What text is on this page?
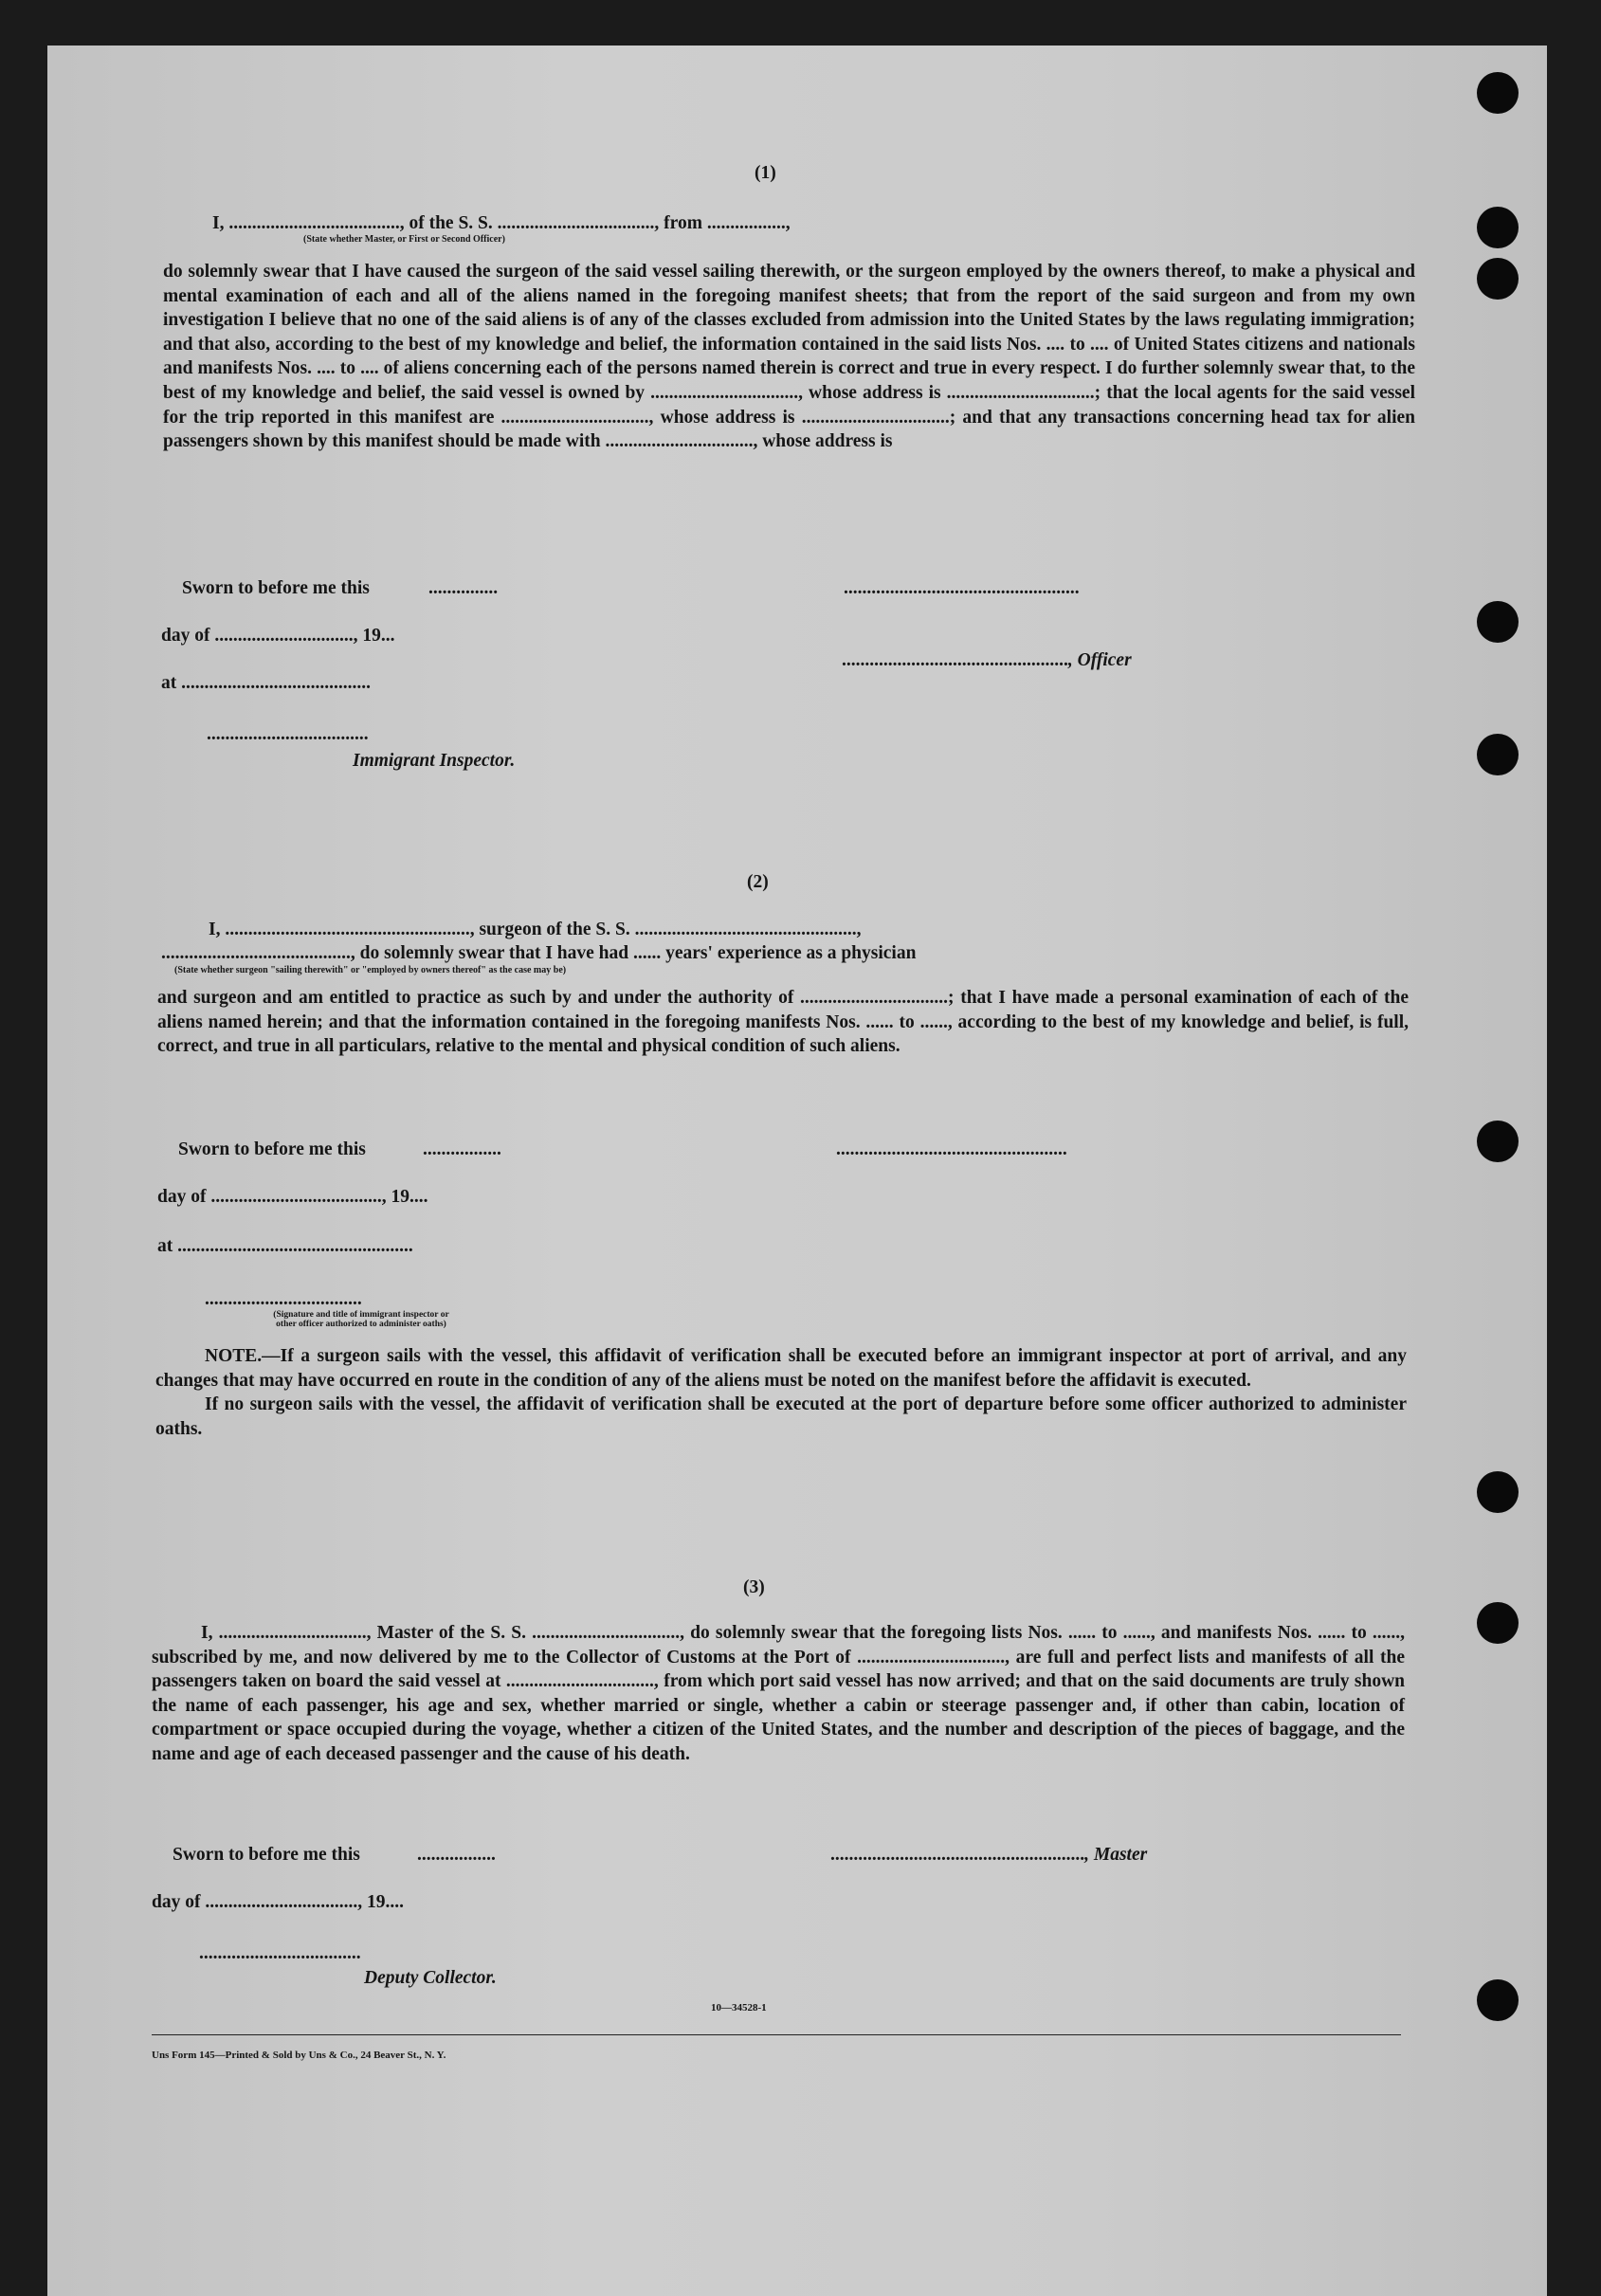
(1)
I, ....................................., of the S. S. .................................., from .................,
(State whether Master, or First or Second Officer)

do solemnly swear that I have caused the surgeon of the said vessel sailing therewith, or the surgeon employed by the owners thereof, to make a physical and mental examination of each and all of the aliens named in the foregoing manifest sheets; that from the report of the said surgeon and from my own investigation I believe that no one of the said aliens is of any of the classes excluded from admission into the United States by the laws regulating immigration; and that also, according to the best of my knowledge and belief, the information contained in the said lists Nos. .... to .... of United States citizens and nationals and manifests Nos. .... to .... of aliens concerning each of the persons named therein is correct and true in every respect. I do further solemnly swear that, to the best of my knowledge and belief, the said vessel is owned by ................................, whose address is ................................; that the local agents for the said vessel for the trip reported in this manifest are ................................, whose address is ................................; and that any transactions concerning head tax for alien passengers shown by this manifest should be made with ................................, whose address is

Sworn to before me this	...............	...................................................
day of .............................., 19...
................................................., Officer
at .........................................
...................................
Immigrant Inspector.
(2)
I, ....................................................., surgeon of the S. S. ................................................,
........................................., do solemnly swear that I have had ...... years' experience as a physician
(State whether surgeon "sailing therewith" or "employed by owners thereof" as the case may be)

and surgeon and am entitled to practice as such by and under the authority of ................................; that I have made a personal examination of each of the aliens named herein; and that the information contained in the foregoing manifests Nos. ...... to ......, according to the best of my knowledge and belief, is full, correct, and true in all particulars, relative to the mental and physical condition of such aliens.

Sworn to before me this	.................	..................................................
day of ....................................., 19....
at ...................................................
..................................
(Signature and title of immigrant inspector or
other officer authorized to administer oaths)

NOTE.—If a surgeon sails with the vessel, this affidavit of verification shall be executed before an immigrant inspector at port of arrival, and any changes that may have occurred en route in the condition of any of the aliens must be noted on the manifest before the affidavit is executed.

If no surgeon sails with the vessel, the affidavit of verification shall be executed at the port of departure before some officer authorized to administer oaths.

(3)

I, ................................, Master of the S. S. ................................, do solemnly swear that the foregoing lists Nos. ...... to ......, and manifests Nos. ...... to ......, subscribed by me, and now delivered by me to the Collector of Customs at the Port of ................................, are full and perfect lists and manifests of all the passengers taken on board the said vessel at ................................, from which port said vessel has now arrived; and that on the said documents are truly shown the name of each passenger, his age and sex, whether married or single, whether a cabin or steerage passenger and, if other than cabin, location of compartment or space occupied during the voyage, whether a citizen of the United States, and the number and description of the pieces of baggage, and the name and age of each deceased passenger and the cause of his death.

Sworn to before me this	.................	......................................................., Master
day of ................................., 19....
...................................
Deputy Collector.
10—34528-1
Uns Form 145—Printed & Sold by Uns & Co., 24 Beaver St., N. Y.
